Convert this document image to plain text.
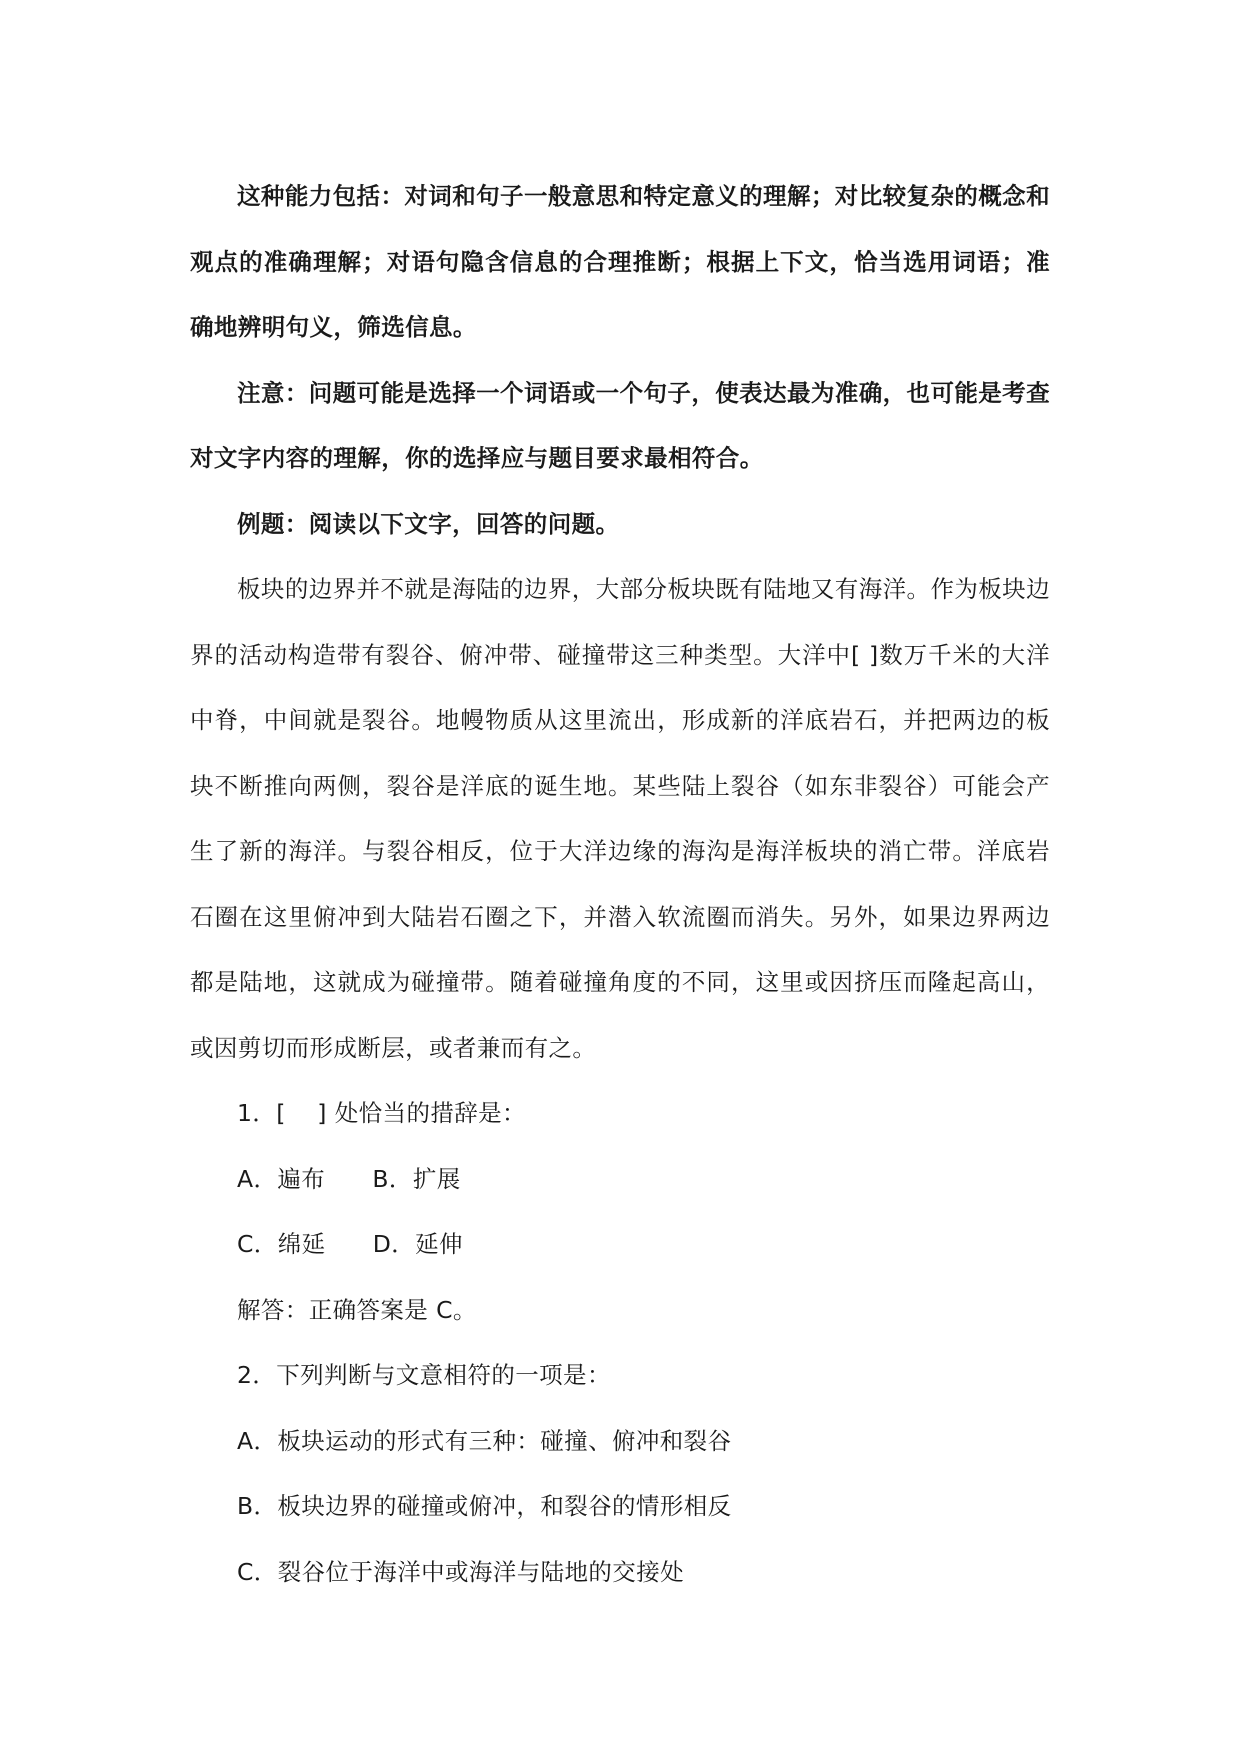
这种能力包括：对词和句子一般意思和特定意义的理解；对比较复杂的概念和观点的准确理解；对语句隐含信息的合理推断；根据上下文，恰当选用词语；准确地辨明句义，筛选信息。

注意：问题可能是选择一个词语或一个句子，使表达最为准确，也可能是考查对文字内容的理解，你的选择应与题目要求最相符合。

例题：阅读以下文字，回答的问题。

板块的边界并不就是海陆的边界，大部分板块既有陆地又有海洋。作为板块边界的活动构造带有裂谷、俯冲带、碰撞带这三种类型。大洋中[ ]数万千米的大洋中脊，中间就是裂谷。地幔物质从这里流出，形成新的洋底岩石，并把两边的板块不断推向两侧，裂谷是洋底的诞生地。某些陆上裂谷（如东非裂谷）可能会产生了新的海洋。与裂谷相反，位于大洋边缘的海沟是海洋板块的消亡带。洋底岩石圈在这里俯冲到大陆岩石圈之下，并潜入软流圈而消失。另外，如果边界两边都是陆地，这就成为碰撞带。随着碰撞角度的不同，这里或因挤压而隆起高山，或因剪切而形成断层，或者兼而有之。

1．[    ] 处恰当的措辞是：

A．遍布      B．扩展

C．绵延      D．延伸

解答：正确答案是 C。

2．下列判断与文意相符的一项是：

A．板块运动的形式有三种：碰撞、俯冲和裂谷

B．板块边界的碰撞或俯冲，和裂谷的情形相反

C．裂谷位于海洋中或海洋与陆地的交接处
